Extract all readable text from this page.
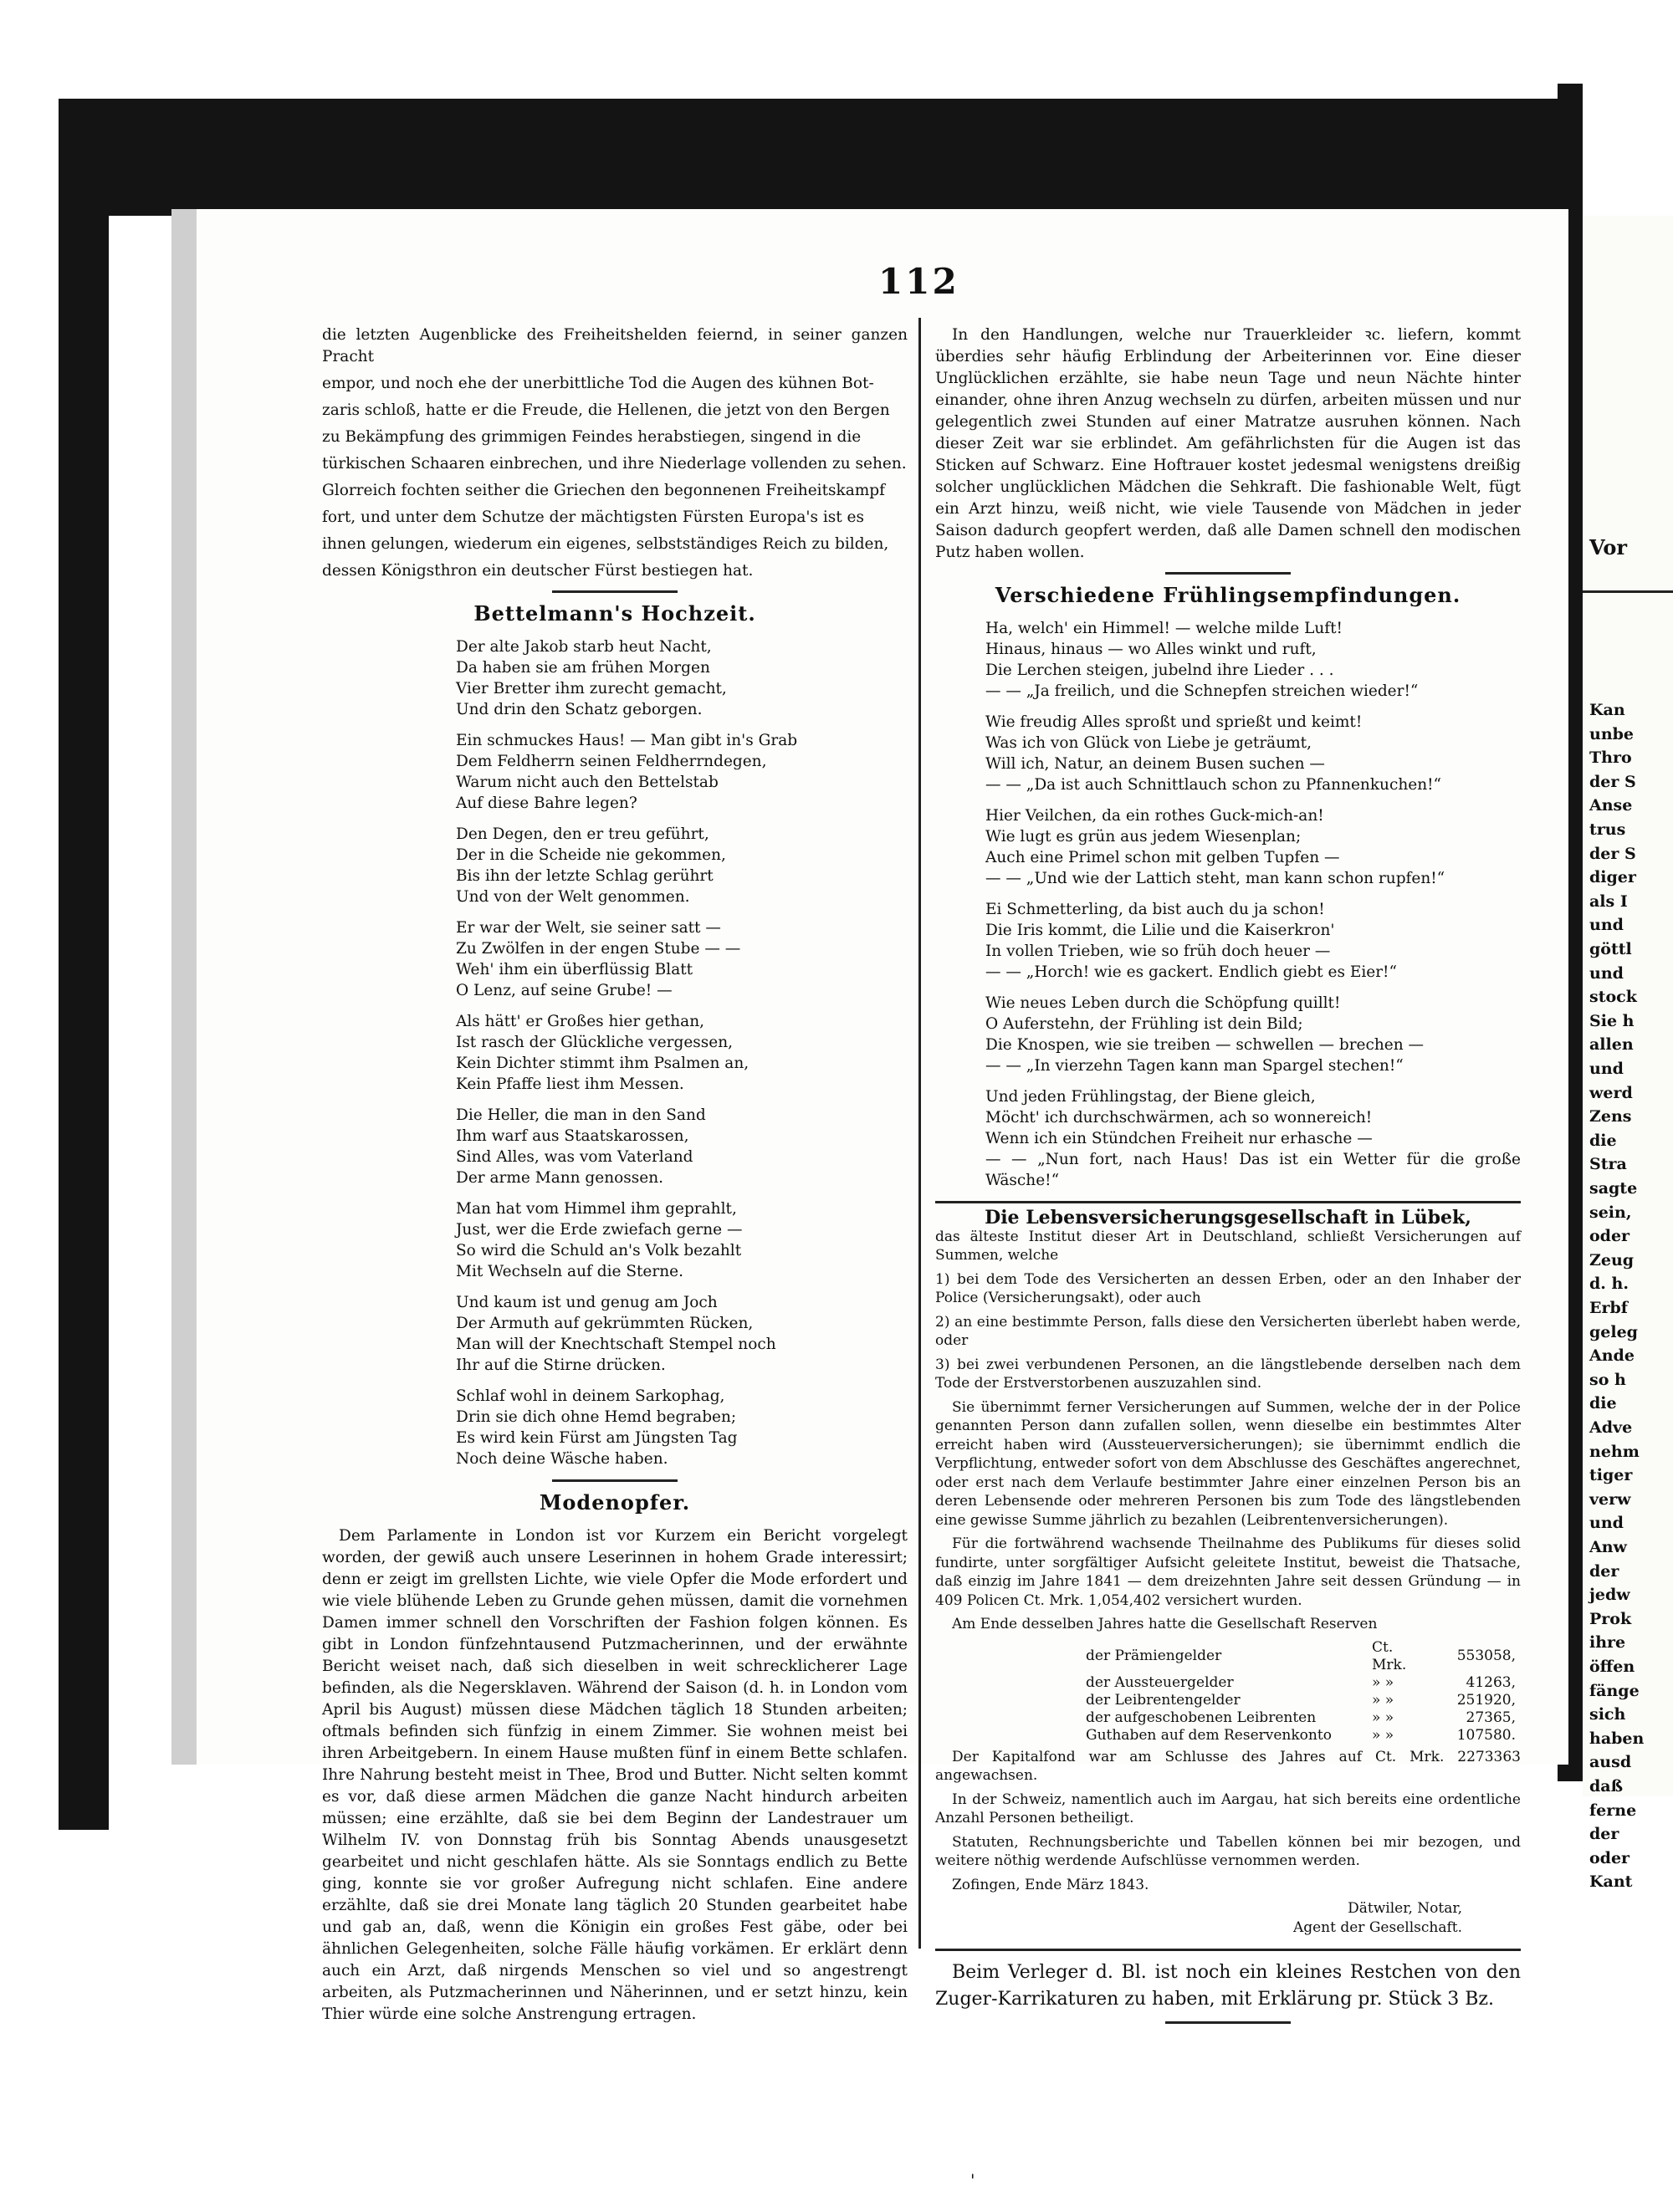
112
die letzten Augenblicke des Freiheitshelden feiernd, in seiner ganzen Pracht
empor, und noch ehe der unerbittliche Tod die Augen des kühnen Bot-
zaris schloß, hatte er die Freude, die Hellenen, die jetzt von den Bergen
zu Bekämpfung des grimmigen Feindes herabstiegen, singend in die
türkischen Schaaren einbrechen, und ihre Niederlage vollenden zu sehen.
Glorreich fochten seither die Griechen den begonnenen Freiheitskampf
fort, und unter dem Schutze der mächtigsten Fürsten Europa's ist es
ihnen gelungen, wiederum ein eigenes, selbstständiges Reich zu bilden,
dessen Königsthron ein deutscher Fürst bestiegen hat.
Bettelmann's Hochzeit.
Der alte Jakob starb heut Nacht,
Da haben sie am frühen Morgen
Vier Bretter ihm zurecht gemacht,
Und drin den Schatz geborgen.
Ein schmuckes Haus! — Man gibt in's Grab
Dem Feldherrn seinen Feldherrndegen,
Warum nicht auch den Bettelstab
Auf diese Bahre legen?
Den Degen, den er treu geführt,
Der in die Scheide nie gekommen,
Bis ihn der letzte Schlag gerührt
Und von der Welt genommen.
Er war der Welt, sie seiner satt —
Zu Zwölfen in der engen Stube — —
Weh' ihm ein überflüssig Blatt
O Lenz, auf seine Grube! —
Als hätt' er Großes hier gethan,
Ist rasch der Glückliche vergessen,
Kein Dichter stimmt ihm Psalmen an,
Kein Pfaffe liest ihm Messen.
Die Heller, die man in den Sand
Ihm warf aus Staatskarossen,
Sind Alles, was vom Vaterland
Der arme Mann genossen.
Man hat vom Himmel ihm geprahlt,
Just, wer die Erde zwiefach gerne —
So wird die Schuld an's Volk bezahlt
Mit Wechseln auf die Sterne.
Und kaum ist und genug am Joch
Der Armuth auf gekrümmten Rücken,
Man will der Knechtschaft Stempel noch
Ihr auf die Stirne drücken.
Schlaf wohl in deinem Sarkophag,
Drin sie dich ohne Hemd begraben;
Es wird kein Fürst am Jüngsten Tag
Noch deine Wäsche haben.
Modenopfer.
Dem Parlamente in London ist vor Kurzem ein Bericht vorgelegt worden, der gewiß auch unsere Leserinnen in hohem Grade interessirt; denn er zeigt im grellsten Lichte, wie viele Opfer die Mode erfordert und wie viele blühende Leben zu Grunde gehen müssen, damit die vornehmen Damen immer schnell den Vorschriften der Fashion folgen können. Es gibt in London fünfzehntausend Putzmacherinnen, und der erwähnte Bericht weiset nach, daß sich dieselben in weit schrecklicherer Lage befinden, als die Negersklaven. Während der Saison (d. h. in London vom April bis August) müssen diese Mädchen täglich 18 Stunden arbeiten; oftmals befinden sich fünfzig in einem Zimmer. Sie wohnen meist bei ihren Arbeitgebern. In einem Hause mußten fünf in einem Bette schlafen. Ihre Nahrung besteht meist in Thee, Brod und Butter. Nicht selten kommt es vor, daß diese armen Mädchen die ganze Nacht hindurch arbeiten müssen; eine erzählte, daß sie bei dem Beginn der Landestrauer um Wilhelm IV. von Donnstag früh bis Sonntag Abends unausgesetzt gearbeitet und nicht geschlafen hätte. Als sie Sonntags endlich zu Bette ging, konnte sie vor großer Aufregung nicht schlafen. Eine andere erzählte, daß sie drei Monate lang täglich 20 Stunden gearbeitet habe und gab an, daß, wenn die Königin ein großes Fest gäbe, oder bei ähnlichen Gelegenheiten, solche Fälle häufig vorkämen. Er erklärt denn auch ein Arzt, daß nirgends Menschen so viel und so angestrengt arbeiten, als Putzmacherinnen und Näherinnen, und er setzt hinzu, kein Thier würde eine solche Anstrengung ertragen.
In den Handlungen, welche nur Trauerkleider ꝛc. liefern, kommt überdies sehr häufig Erblindung der Arbeiterinnen vor. Eine dieser Unglücklichen erzählte, sie habe neun Tage und neun Nächte hinter einander, ohne ihren Anzug wechseln zu dürfen, arbeiten müssen und nur gelegentlich zwei Stunden auf einer Matratze ausruhen können. Nach dieser Zeit war sie erblindet. Am gefährlichsten für die Augen ist das Sticken auf Schwarz. Eine Hoftrauer kostet jedesmal wenigstens dreißig solcher unglücklichen Mädchen die Sehkraft. Die fashionable Welt, fügt ein Arzt hinzu, weiß nicht, wie viele Tausende von Mädchen in jeder Saison dadurch geopfert werden, daß alle Damen schnell den modischen Putz haben wollen.
Verschiedene Frühlingsempfindungen.
Ha, welch' ein Himmel! — welche milde Luft!
Hinaus, hinaus — wo Alles winkt und ruft,
Die Lerchen steigen, jubelnd ihre Lieder . . .
— — „Ja freilich, und die Schnepfen streichen wieder!“
Wie freudig Alles sproßt und sprießt und keimt!
Was ich von Glück von Liebe je geträumt,
Will ich, Natur, an deinem Busen suchen —
— — „Da ist auch Schnittlauch schon zu Pfannenkuchen!“
Hier Veilchen, da ein rothes Guck-mich-an!
Wie lugt es grün aus jedem Wiesenplan;
Auch eine Primel schon mit gelben Tupfen —
— — „Und wie der Lattich steht, man kann schon rupfen!“
Ei Schmetterling, da bist auch du ja schon!
Die Iris kommt, die Lilie und die Kaiserkron'
In vollen Trieben, wie so früh doch heuer —
— — „Horch! wie es gackert. Endlich giebt es Eier!“
Wie neues Leben durch die Schöpfung quillt!
O Auferstehn, der Frühling ist dein Bild;
Die Knospen, wie sie treiben — schwellen — brechen —
— — „In vierzehn Tagen kann man Spargel stechen!“
Und jeden Frühlingstag, der Biene gleich,
Möcht' ich durchschwärmen, ach so wonnereich!
Wenn ich ein Stündchen Freiheit nur erhasche —
— — „Nun fort, nach Haus! Das ist ein Wetter für die große Wäsche!“
Die Lebensversicherungsgesellschaft in Lübek,
das älteste Institut dieser Art in Deutschland, schließt Versicherungen auf Summen, welche
1) bei dem Tode des Versicherten an dessen Erben, oder an den Inhaber der Police (Versicherungsakt), oder auch
2) an eine bestimmte Person, falls diese den Versicherten überlebt haben werde, oder
3) bei zwei verbundenen Personen, an die längstlebende derselben nach dem Tode der Erstverstorbenen auszuzahlen sind.
Sie übernimmt ferner Versicherungen auf Summen, welche der in der Police genannten Person dann zufallen sollen, wenn dieselbe ein bestimmtes Alter erreicht haben wird (Aussteuerversicherungen); sie übernimmt endlich die Verpflichtung, entweder sofort von dem Abschlusse des Geschäftes angerechnet, oder erst nach dem Verlaufe bestimmter Jahre einer einzelnen Person bis an deren Lebensende oder mehreren Personen bis zum Tode des längstlebenden eine gewisse Summe jährlich zu bezahlen (Leibrentenversicherungen).
Für die fortwährend wachsende Theilnahme des Publikums für dieses solid fundirte, unter sorgfältiger Aufsicht geleitete Institut, beweist die Thatsache, daß einzig im Jahre 1841 — dem dreizehnten Jahre seit dessen Gründung — in 409 Policen Ct. Mrk. 1,054,402 versichert wurden.
Am Ende desselben Jahres hatte die Gesellschaft Reserven
der Prämiengelder	Ct. Mrk.	553058,
der Aussteuergelder	» »	41263,
der Leibrentengelder	» »	251920,
der aufgeschobenen Leibrenten	» »	27365,
Guthaben auf dem Reservenkonto	» »	107580.
Der Kapitalfond war am Schlusse des Jahres auf Ct. Mrk. 2273363 angewachsen.
In der Schweiz, namentlich auch im Aargau, hat sich bereits eine ordentliche Anzahl Personen betheiligt.
Statuten, Rechnungsberichte und Tabellen können bei mir bezogen, und weitere nöthig werdende Aufschlüsse vernommen werden.
Zofingen, Ende März 1843.
Dätwiler, Notar,
Agent der Gesellschaft.
Beim Verleger d. Bl. ist noch ein kleines Restchen von den Zuger-Karrikaturen zu haben, mit Erklärung pr. Stück 3 Bz.
Vor
Kan
unbe
Thro
der S
Anse
trus
der S
diger
als I
und
göttl
und
stock
Sie h
allen
und
werd
Zens
die
Stra
sagte
sein,
oder
Zeug
d. h.
Erbf
geleg
Ande
so h
die
Adve
nehm
tiger
verw
und
Anw
der
jedw
Prok
ihre
öffen
fänge
sich
haben
ausd
daß
ferne
der
oder
Kant
'
